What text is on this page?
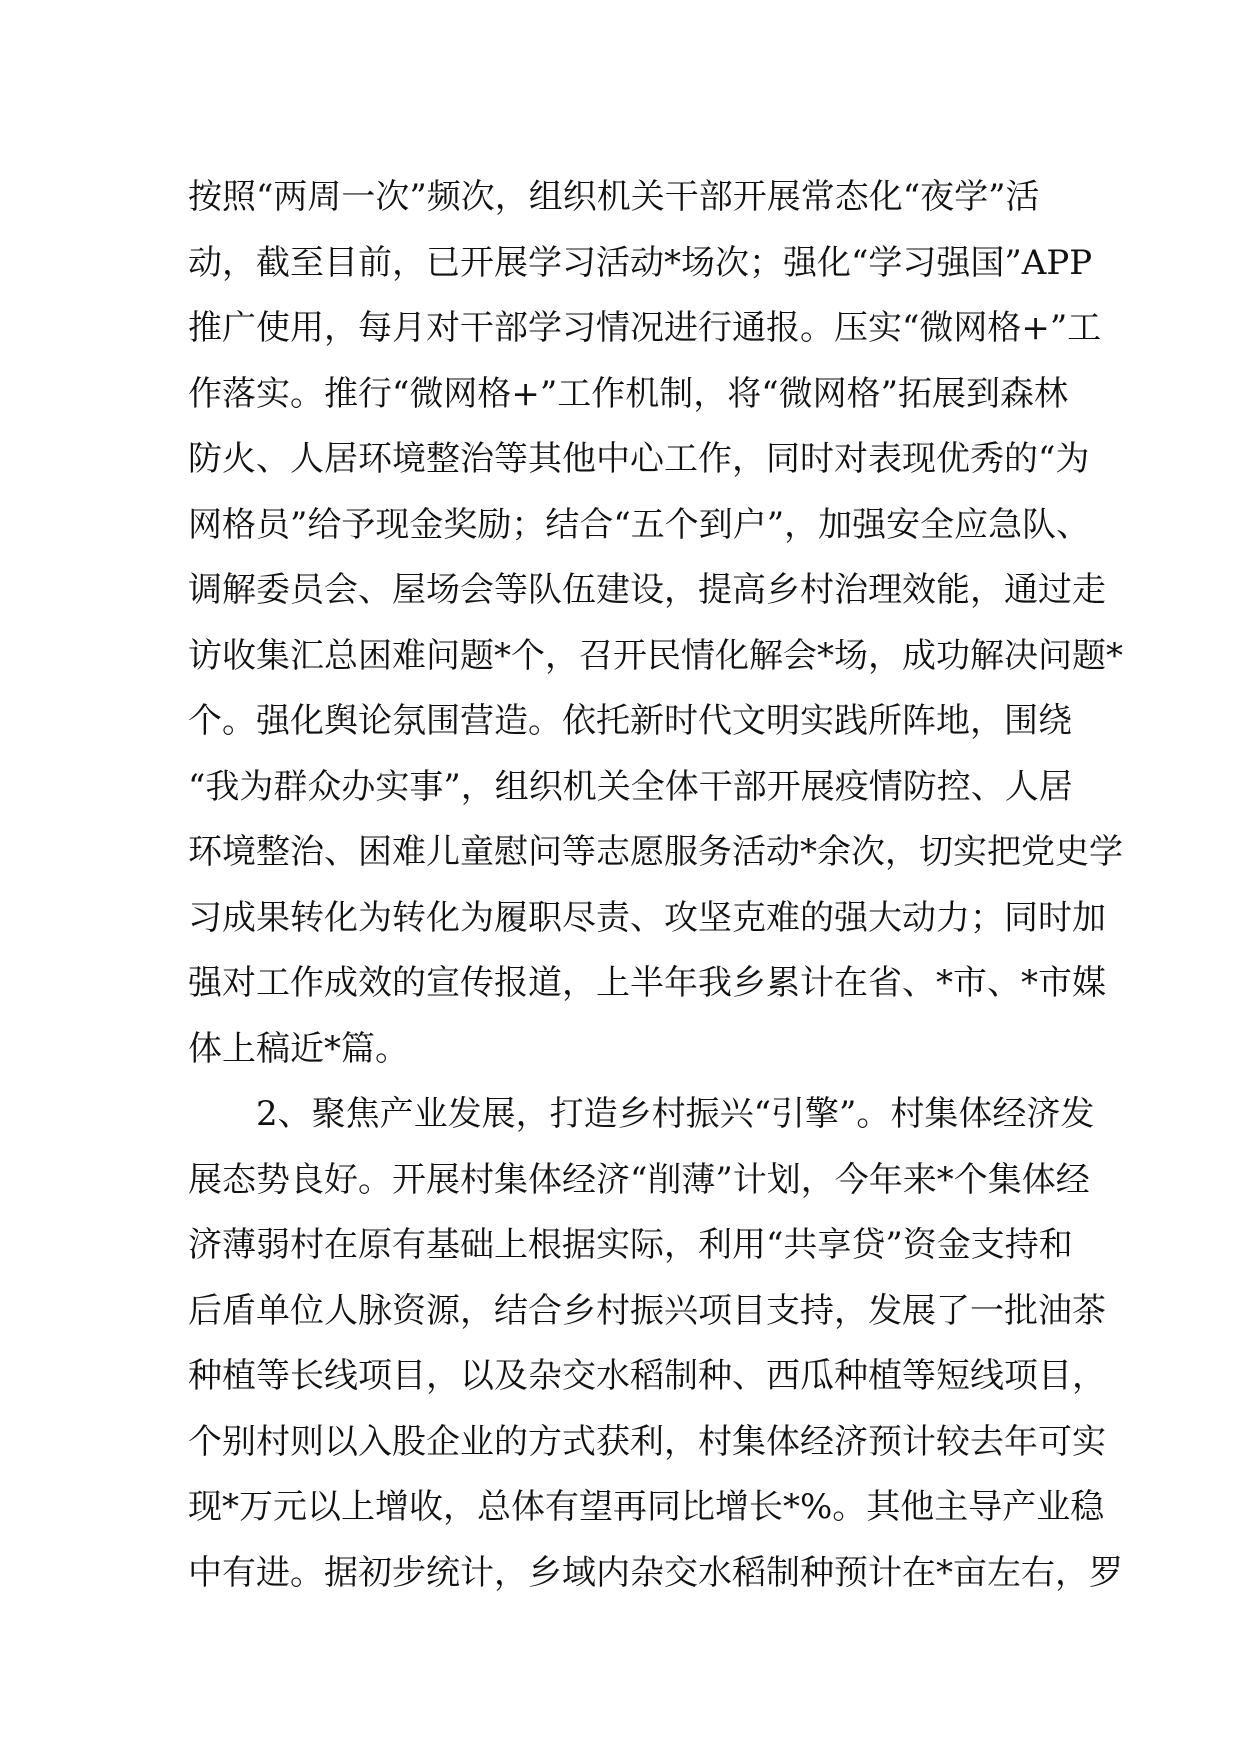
按照“两周一次”频次，组织机关干部开展常态化“夜学”活
动，截至目前，已开展学习活动*场次；强化“学习强国”APP
推广使用，每月对干部学习情况进行通报。压实“微网格+”工
作落实。推行“微网格+”工作机制，将“微网格”拓展到森林
防火、人居环境整治等其他中心工作，同时对表现优秀的“为
网格员”给予现金奖励；结合“五个到户”，加强安全应急队、
调解委员会、屋场会等队伍建设，提高乡村治理效能，通过走
访收集汇总困难问题*个，召开民情化解会*场，成功解决问题*
个。强化舆论氛围营造。依托新时代文明实践所阵地，围绕
“我为群众办实事”，组织机关全体干部开展疫情防控、人居
环境整治、困难儿童慰问等志愿服务活动*余次，切实把党史学
习成果转化为转化为履职尽责、攻坚克难的强大动力；同时加
强对工作成效的宣传报道，上半年我乡累计在省、*市、*市媒
体上稿近*篇。
　　2、聚焦产业发展，打造乡村振兴“引擎”。村集体经济发
展态势良好。开展村集体经济“削薄”计划，今年来*个集体经
济薄弱村在原有基础上根据实际，利用“共享贷”资金支持和
后盾单位人脉资源，结合乡村振兴项目支持，发展了一批油茶
种植等长线项目，以及杂交水稻制种、西瓜种植等短线项目，
个别村则以入股企业的方式获利，村集体经济预计较去年可实
现*万元以上增收，总体有望再同比增长*%。其他主导产业稳
中有进。据初步统计，乡域内杂交水稻制种预计在*亩左右，罗
